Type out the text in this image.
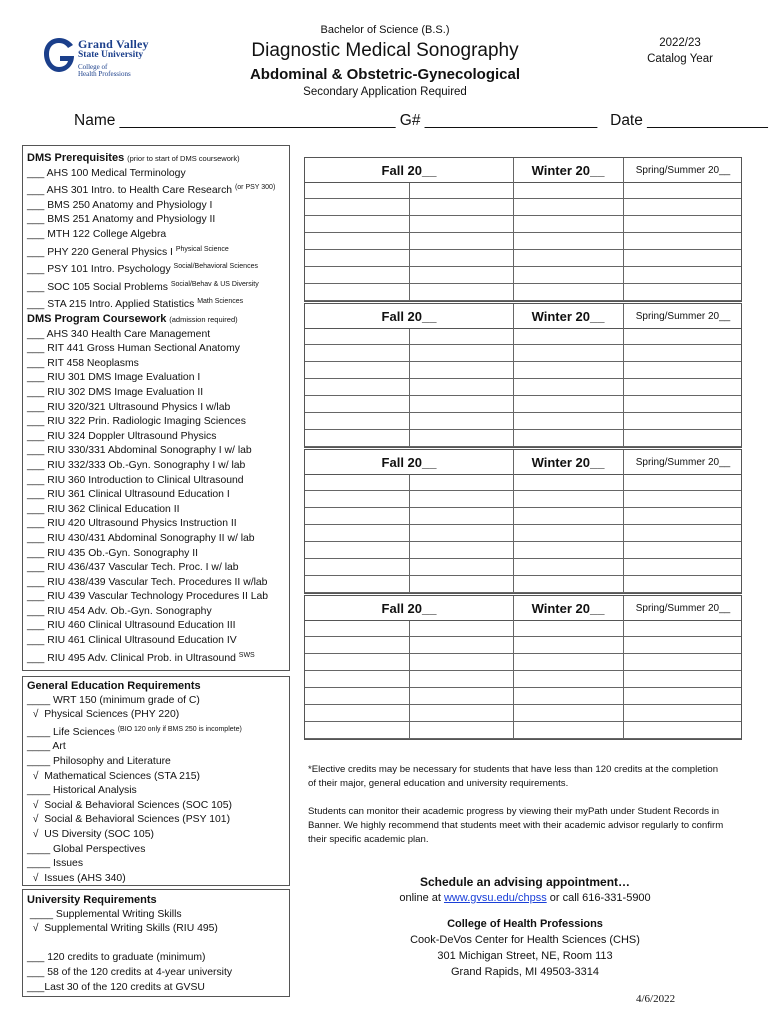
Grand Valley
State University
College of
Health Professions
Bachelor of Science (B.S.)
Diagnostic Medical Sonography
Abdominal & Obstetric-Gynecological
Secondary Application Required
2022/23
Catalog Year
Name ________________________________ G# ____________________   Date ______________
DMS Prerequisites (prior to start of DMS coursework)
___ AHS 100 Medical Terminology
___ AHS 301 Intro. to Health Care Research $^{(or PSY 300)}$
___ BMS 250 Anatomy and Physiology I
___ BMS 251 Anatomy and Physiology II
___ MTH 122 College Algebra
___ PHY 220 General Physics I $^{Physical Science}$
___ PSY 101 Intro. Psychology $^{Social/Behavioral Sciences}$
___ SOC 105 Social Problems $^{Social/Behav \& US Diversity}$
___ STA 215 Intro. Applied Statistics $^{Math Sciences}$
DMS Program Coursework (admission required)
___ AHS 340 Health Care Management
___ RIT 441 Gross Human Sectional Anatomy
___ RIT 458 Neoplasms
___ RIU 301 DMS Image Evaluation I
___ RIU 302 DMS Image Evaluation II
___ RIU 320/321 Ultrasound Physics I w/lab
___ RIU 322 Prin. Radiologic Imaging Sciences
___ RIU 324 Doppler Ultrasound Physics
___ RIU 330/331 Abdominal Sonography I w/ lab
___ RIU 332/333 Ob.-Gyn. Sonography I w/ lab
___ RIU 360 Introduction to Clinical Ultrasound
___ RIU 361 Clinical Ultrasound Education I
___ RIU 362 Clinical Education II
___ RIU 420 Ultrasound Physics Instruction II
___ RIU 430/431 Abdominal Sonography II w/ lab
___ RIU 435 Ob.-Gyn. Sonography II
___ RIU 436/437 Vascular Tech. Proc. I w/ lab
___ RIU 438/439 Vascular Tech. Procedures II w/lab
___ RIU 439 Vascular Technology Procedures II Lab
___ RIU 454 Adv. Ob.-Gyn. Sonography
___ RIU 460 Clinical Ultrasound Education III
___ RIU 461 Clinical Ultrasound Education IV
___ RIU 495 Adv. Clinical Prob. in Ultrasound $^{SWS}$
General Education Requirements
____ WRT 150 (minimum grade of C)
√  Physical Sciences (PHY 220)
____ Life Sciences $^{(BIO 120 only if BMS 250 is incomplete)}$
____ Art
____ Philosophy and Literature
√  Mathematical Sciences (STA 215)
____ Historical Analysis
√  Social & Behavioral Sciences (SOC 105)
√  Social & Behavioral Sciences (PSY 101)
√  US Diversity (SOC 105)
____ Global Perspectives
____ Issues
√  Issues (AHS 340)
University Requirements
____ Supplemental Writing Skills
√  Supplemental Writing Skills (RIU 495)

___ 120 credits to graduate (minimum)
___ 58 of the 120 credits at 4-year university
___Last 30 of the 120 credits at GVSU
Fall 20__	Winter 20__	Spring/Summer 20__
Fall 20__	Winter 20__	Spring/Summer 20__
Fall 20__	Winter 20__	Spring/Summer 20__
Fall 20__	Winter 20__	Spring/Summer 20__
*Elective credits may be necessary for students that have less than 120 credits at the completion of their major, general education and university requirements.
Students can monitor their academic progress by viewing their myPath under Student Records in Banner. We highly recommend that students meet with their academic advisor regularly to confirm their specific academic plan.
Schedule an advising appointment…
online at www.gvsu.edu/chpss or call 616-331-5900
College of Health Professions
Cook-DeVos Center for Health Sciences (CHS)
301 Michigan Street, NE, Room 113
Grand Rapids, MI 49503-3314
4/6/2022
